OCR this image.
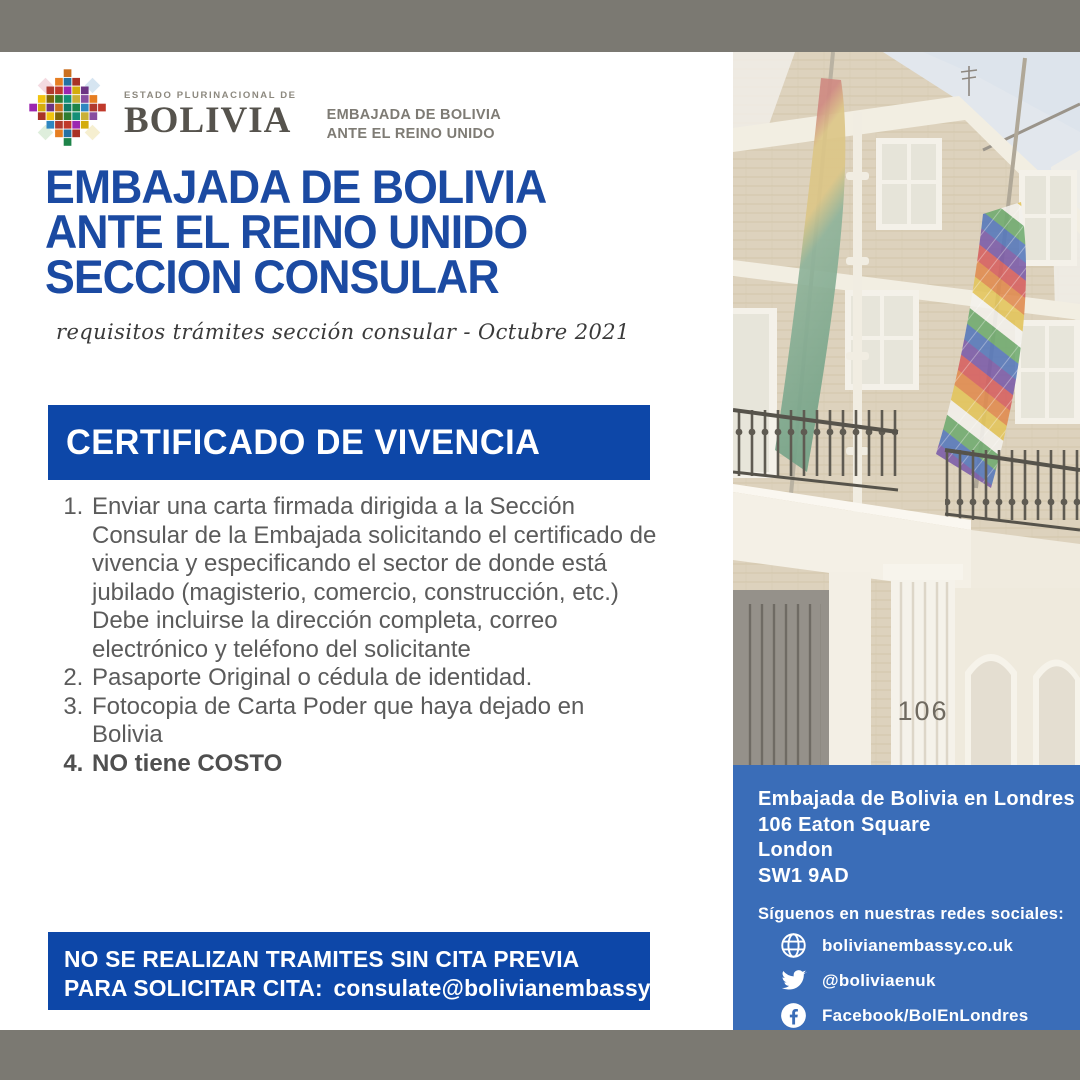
ESTADO PLURINACIONAL DE
BOLIVIA	EMBAJADA DE BOLIVIA
ANTE EL REINO UNIDO
EMBAJADA DE BOLIVIA
ANTE EL REINO UNIDO
SECCION CONSULAR
requisitos trámites sección consular - Octubre 2021
CERTIFICADO DE VIVENCIA
1. Enviar una carta firmada dirigida a la Sección Consular de la Embajada solicitando el certificado de vivencia y especificando el sector de donde está jubilado (magisterio, comercio, construcción, etc.) Debe incluirse la dirección completa, correo electrónico y teléfono del solicitante
2. Pasaporte Original o cédula de identidad.
3. Fotocopia de Carta Poder que haya dejado en Bolivia
4. NO tiene COSTO
NO SE REALIZAN TRAMITES SIN CITA PREVIA
PARA SOLICITAR CITA: consulate@bolivianembassy.co.uk
106
Embajada de Bolivia en Londres
106 Eaton Square
London
SW1 9AD
Síguenos en nuestras redes sociales:
bolivianembassy.co.uk
@boliviaenuk
Facebook/BolEnLondres
